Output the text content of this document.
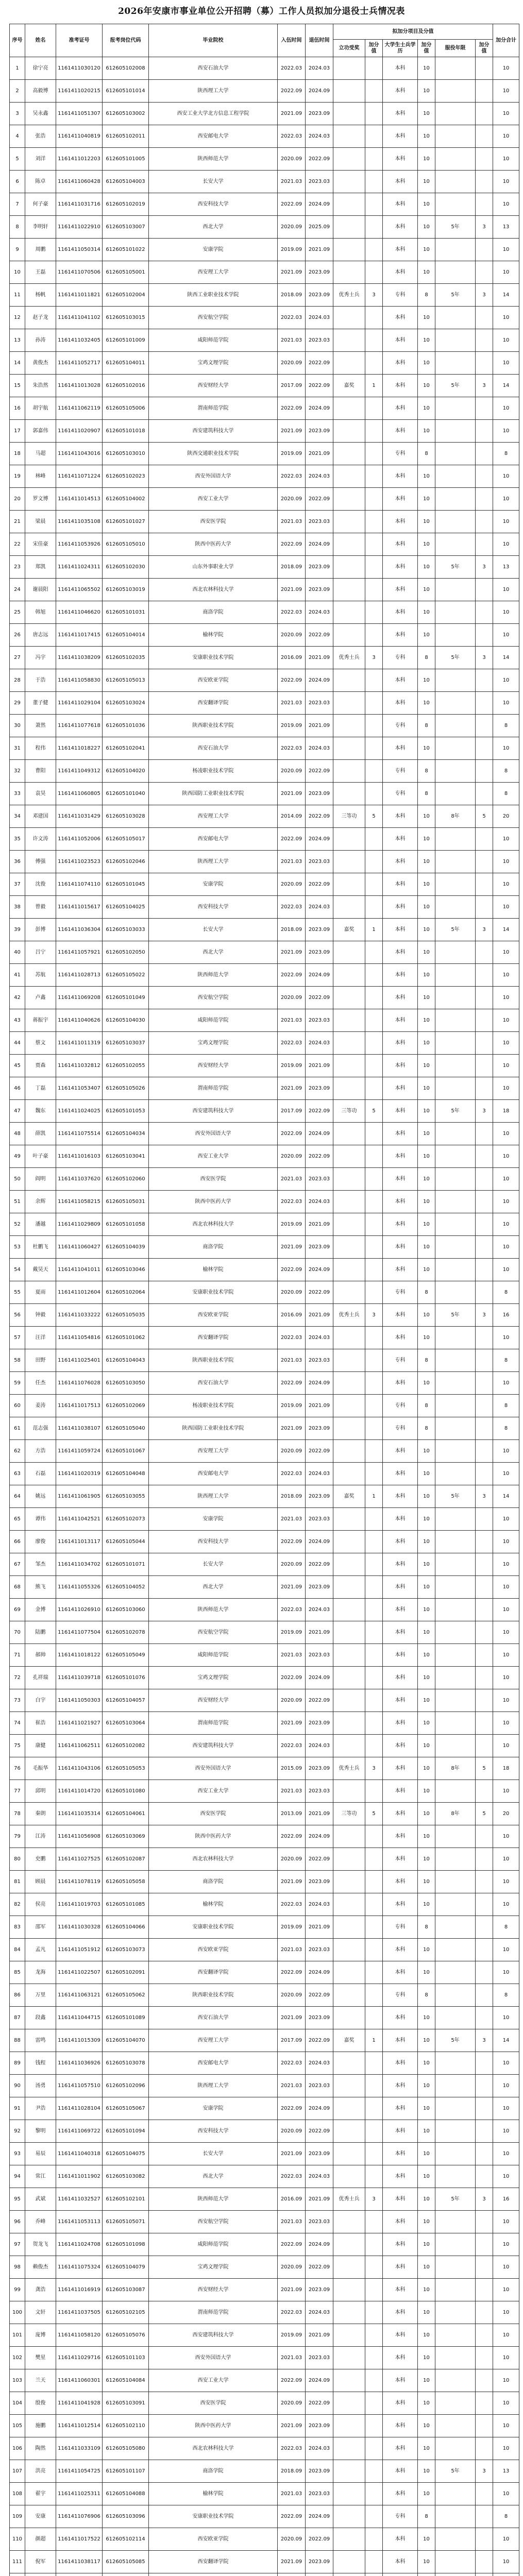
2026年安康市事业单位公开招聘（募）工作人员拟加分退役士兵情况表
序号	姓名	准考证号	报考岗位代码	毕业院校	入伍时间	退伍时间	拟加分项目及分值						加分合计
							立功受奖	加分值	大学生士兵学历	加分值	服役年限	加分值	
1	徐宁亮	1161411030120	612605102008	西安石油大学	2022.03	2024.03			本科	10			10
2	高毅博	1161411020215	612605101014	陕西理工大学	2022.09	2024.09			本科	10			10
3	吴永鑫	1161411051307	612605103002	西安工业大学北方信息工程学院	2021.09	2023.09			本科	10			10
4	张浩	1161411040819	612605102011	西安邮电大学	2022.03	2024.03			本科	10			10
5	刘洋	1161411012203	612605101005	陕西师范大学	2020.09	2022.09			本科	10			10
6	陈卓	1161411060428	612605104003	长安大学	2021.03	2023.03			本科	10			10
7	何子豪	1161411031716	612605102019	西安科技大学	2022.09	2024.09			本科	10			10
8	李明轩	1161411022910	612605103007	西北大学	2020.09	2025.09			本科	10	5年	3	13
9	周鹏	1161411050314	612605101022	安康学院	2019.09	2021.09			本科	10			10
10	王磊	1161411070506	612605105001	西安理工大学	2021.09	2023.09			本科	10			10
11	杨帆	1161411011821	612605102004	陕西工业职业技术学院	2018.09	2023.09	优秀士兵	3	专科	8	5年	3	14
12	赵子龙	1161411041102	612605103015	西安航空学院	2022.03	2024.03			本科	10			10
13	孙涛	1161411032405	612605101009	咸阳师范学院	2021.03	2023.03			本科	10			10
14	黄俊杰	1161411052717	612605104011	宝鸡文理学院	2020.09	2022.09			本科	10			10
15	朱浩然	1161411013028	612605102016	西安财经大学	2017.09	2022.09	嘉奖	1	本科	10	5年	3	14
16	胡宇航	1161411062119	612605105006	渭南师范学院	2022.09	2024.09			本科	10			10
17	郭嘉伟	1161411020907	612605101018	西安建筑科技大学	2021.09	2023.09			本科	10			10
18	马超	1161411043016	612605103010	陕西交通职业技术学院	2019.09	2021.09			专科	8			8
19	林峰	1161411071224	612605102023	西安外国语大学	2022.03	2024.03			本科	10			10
20	罗文博	1161411014513	612605104002	西安工业大学	2020.09	2022.09			本科	10			10
21	梁晨	1161411035108	612605101027	西安医学院	2021.03	2023.03			本科	10			10
22	宋佳豪	1161411053926	612605105010	陕西中医药大学	2022.09	2024.09			本科	10			10
23	郑凯	1161411024311	612605102030	山东外事职业大学	2018.09	2023.09			本科	10	5年	3	13
24	谢晨阳	1161411065502	612605103019	西北农林科技大学	2021.09	2023.09			本科	10			10
25	韩旭	1161411046620	612605101031	商洛学院	2022.03	2024.03			本科	10			10
26	唐志远	1161411017415	612605104014	榆林学院	2020.09	2022.09			本科	10			10
27	冯宇	1161411038209	612605102035	安康职业技术学院	2016.09	2021.09	优秀士兵	3	专科	8	5年	3	14
28	于浩	1161411058830	612605105013	西安欧亚学院	2022.09	2024.09			本科	10			10
29	董子健	1161411029104	612605103024	西安翻译学院	2021.03	2023.03			本科	10			10
30	萧然	1161411077618	612605101036	陕西职业技术学院	2019.09	2021.09			专科	8			8
31	程伟	1161411018227	612605102041	西安石油大学	2022.03	2024.03			本科	10			10
32	曹阳	1161411049312	612605104020	杨凌职业技术学院	2020.09	2022.09			专科	8			8
33	袁昊	1161411060805	612605101040	陕西国防工业职业技术学院	2021.09	2023.09			专科	8			8
34	邓建国	1161411031429	612605103028	西安理工大学	2014.09	2022.09	三等功	5	本科	10	8年	5	20
35	许文涛	1161411052006	612605105017	西安邮电大学	2022.09	2024.09			本科	10			10
36	傅强	1161411023523	612605102046	陕西理工大学	2021.03	2023.03			本科	10			10
37	沈俊	1161411074110	612605101045	安康学院	2020.09	2022.09			本科	10			10
38	曾毅	1161411015617	612605104025	西安科技大学	2022.03	2024.03			本科	10			10
39	彭博	1161411036304	612605103033	长安大学	2018.09	2023.09	嘉奖	1	本科	10	5年	3	14
40	吕宁	1161411057921	612605102050	西北大学	2021.09	2023.09			本科	10			10
41	苏航	1161411028713	612605105022	陕西师范大学	2022.09	2024.09			本科	10			10
42	卢鑫	1161411069208	612605101049	西安航空学院	2020.09	2022.09			本科	10			10
43	蒋振宇	1161411040626	612605104030	咸阳师范学院	2021.03	2023.03			本科	10			10
44	蔡文	1161411011319	612605103037	宝鸡文理学院	2022.03	2024.03			本科	10			10
45	贾森	1161411032812	612605102055	西安财经大学	2019.09	2021.09			本科	10			10
46	丁磊	1161411053407	612605105026	渭南师范学院	2021.09	2023.09			本科	10			10
47	魏东	1161411024025	612605101053	西安建筑科技大学	2017.09	2022.09	三等功	5	本科	10	5年	3	18
48	薛凯	1161411075514	612605104034	西安外国语大学	2022.09	2024.09			本科	10			10
49	叶子豪	1161411016103	612605103041	西安工业大学	2020.09	2022.09			本科	10			10
50	阎明	1161411037620	612605102060	西安医学院	2021.03	2023.03			本科	10			10
51	余辉	1161411058215	612605105031	陕西中医药大学	2022.03	2024.03			本科	10			10
52	潘越	1161411029809	612605101058	西北农林科技大学	2019.09	2021.09			本科	10			10
53	杜鹏飞	1161411060427	612605104039	商洛学院	2021.09	2023.09			本科	10			10
54	戴昊天	1161411041011	612605103046	榆林学院	2022.09	2024.09			本科	10			10
55	夏雨	1161411012604	612605102064	安康职业技术学院	2020.09	2022.09			专科	8			8
56	钟毅	1161411033222	612605105035	西安欧亚学院	2016.09	2021.09	优秀士兵	3	本科	10	5年	3	16
57	汪洋	1161411054816	612605101062	西安翻译学院	2022.03	2024.03			本科	10			10
58	田野	1161411025401	612605104043	陕西职业技术学院	2021.03	2023.03			专科	8			8
59	任杰	1161411076028	612605103050	西安石油大学	2022.09	2024.09			本科	10			10
60	姜涛	1161411017513	612605102069	杨凌职业技术学院	2019.09	2021.09			专科	8			8
61	范志强	1161411038107	612605105040	陕西国防工业职业技术学院	2021.09	2023.09			专科	8			8
62	方浩	1161411059724	612605101067	西安理工大学	2020.09	2022.09			本科	10			10
63	石磊	1161411020319	612605104048	西安邮电大学	2022.03	2024.03			本科	10			10
64	姚远	1161411061905	612605103055	陕西理工大学	2018.09	2023.09	嘉奖	1	本科	10	5年	3	14
65	谭伟	1161411042521	612605102073	安康学院	2021.03	2023.03			本科	10			10
66	廖俊	1161411013117	612605105044	西安科技大学	2022.09	2024.09			本科	10			10
67	邹杰	1161411034702	612605101071	长安大学	2020.09	2022.09			本科	10			10
68	熊飞	1161411055326	612605104052	西北大学	2021.09	2023.09			本科	10			10
69	金博	1161411026910	612605103060	陕西师范大学	2022.03	2024.03			本科	10			10
70	陆鹏	1161411077504	612605102078	西安航空学院	2019.09	2021.09			本科	10			10
71	郝帅	1161411018122	612605105049	咸阳师范学院	2021.03	2023.03			本科	10			10
72	孔祥瑞	1161411039718	612605101076	宝鸡文理学院	2022.09	2024.09			本科	10			10
73	白宇	1161411050303	612605104057	西安财经大学	2020.09	2022.09			本科	10			10
74	崔浩	1161411021927	612605103064	渭南师范学院	2021.09	2023.09			本科	10			10
75	康健	1161411062511	612605102082	西安建筑科技大学	2022.03	2024.03			本科	10			10
76	毛振华	1161411043106	612605105053	西安外国语大学	2015.09	2023.09	优秀士兵	3	本科	10	8年	5	18
77	邱明	1161411014720	612605101080	西安工业大学	2021.03	2023.03			本科	10			10
78	秦朗	1161411035314	612605104061	西安医学院	2013.09	2021.09	三等功	5	本科	10	8年	5	20
79	江涛	1161411056908	612605103069	陕西中医药大学	2022.09	2024.09			本科	10			10
80	史鹏	1161411027525	612605102087	西北农林科技大学	2020.09	2022.09			本科	10			10
81	顾晨	1161411078119	612605105058	商洛学院	2021.09	2023.09			本科	10			10
82	侯亮	1161411019703	612605101085	榆林学院	2022.03	2024.03			本科	10			10
83	邵军	1161411030328	612605104066	安康职业技术学院	2019.09	2021.09			专科	8			8
84	孟凡	1161411051912	612605103073	西安欧亚学院	2021.03	2023.03			本科	10			10
85	龙海	1161411022507	612605102091	西安翻译学院	2022.09	2024.09			本科	10			10
86	万里	1161411063121	612605105062	陕西职业技术学院	2020.09	2022.09			专科	8			8
87	段鑫	1161411044715	612605101089	西安石油大学	2021.09	2023.09			本科	10			10
88	雷鸣	1161411015309	612605104070	西安理工大学	2017.09	2022.09	嘉奖	1	本科	10	5年	3	14
89	钱程	1161411036926	612605103078	西安邮电大学	2022.03	2024.03			本科	10			10
90	汤勇	1161411057510	612605102096	陕西理工大学	2021.03	2023.03			本科	10			10
91	尹浩	1161411028104	612605105067	安康学院	2022.09	2024.09			本科	10			10
92	黎明	1161411069722	612605101094	西安科技大学	2020.09	2022.09			本科	10			10
93	易辰	1161411040318	612605104075	长安大学	2021.09	2023.09			本科	10			10
94	常江	1161411011902	612605103082	西北大学	2022.03	2024.03			本科	10			10
95	武斌	1161411032527	612605102101	陕西师范大学	2016.09	2021.09	优秀士兵	3	本科	10	5年	3	16
96	乔峰	1161411053113	612605105071	西安航空学院	2021.03	2023.03			本科	10			10
97	贺龙飞	1161411024708	612605101098	咸阳师范学院	2022.09	2024.09			本科	10			10
98	赖俊杰	1161411075324	612605104079	宝鸡文理学院	2020.09	2022.09			本科	10			10
99	龚浩	1161411016919	612605103087	西安财经大学	2021.09	2023.09			本科	10			10
100	文轩	1161411037505	612605102105	渭南师范学院	2022.03	2024.03			本科	10			10
101	庞博	1161411058120	612605105076	西安建筑科技大学	2019.09	2021.09			本科	10			10
102	樊星	1161411029716	612605101103	西安外国语大学	2021.03	2023.03			本科	10			10
103	兰天	1161411060301	612605104084	西安工业大学	2022.09	2024.09			本科	10			10
104	殷俊	1161411041928	612605103091	西安医学院	2020.09	2022.09			本科	10			10
105	施鹏	1161411012514	612605102110	陕西中医药大学	2021.09	2023.09			本科	10			10
106	陶然	1161411033109	612605105080	西北农林科技大学	2022.03	2024.03			本科	10			10
107	洪亮	1161411054725	612605101107	商洛学院	2018.09	2023.09			本科	10	5年	3	13
108	翟宇	1161411025311	612605104088	榆林学院	2021.03	2023.03			本科	10			10
109	安康	1161411076906	612605103096	安康职业技术学院	2022.09	2024.09			专科	8			8
110	颜超	1161411017522	612605102114	西安欧亚学院	2020.09	2022.09			本科	10			10
111	倪军	1161411038117	612605105085	西安翻译学院	2021.09	2023.09			本科	10			10
